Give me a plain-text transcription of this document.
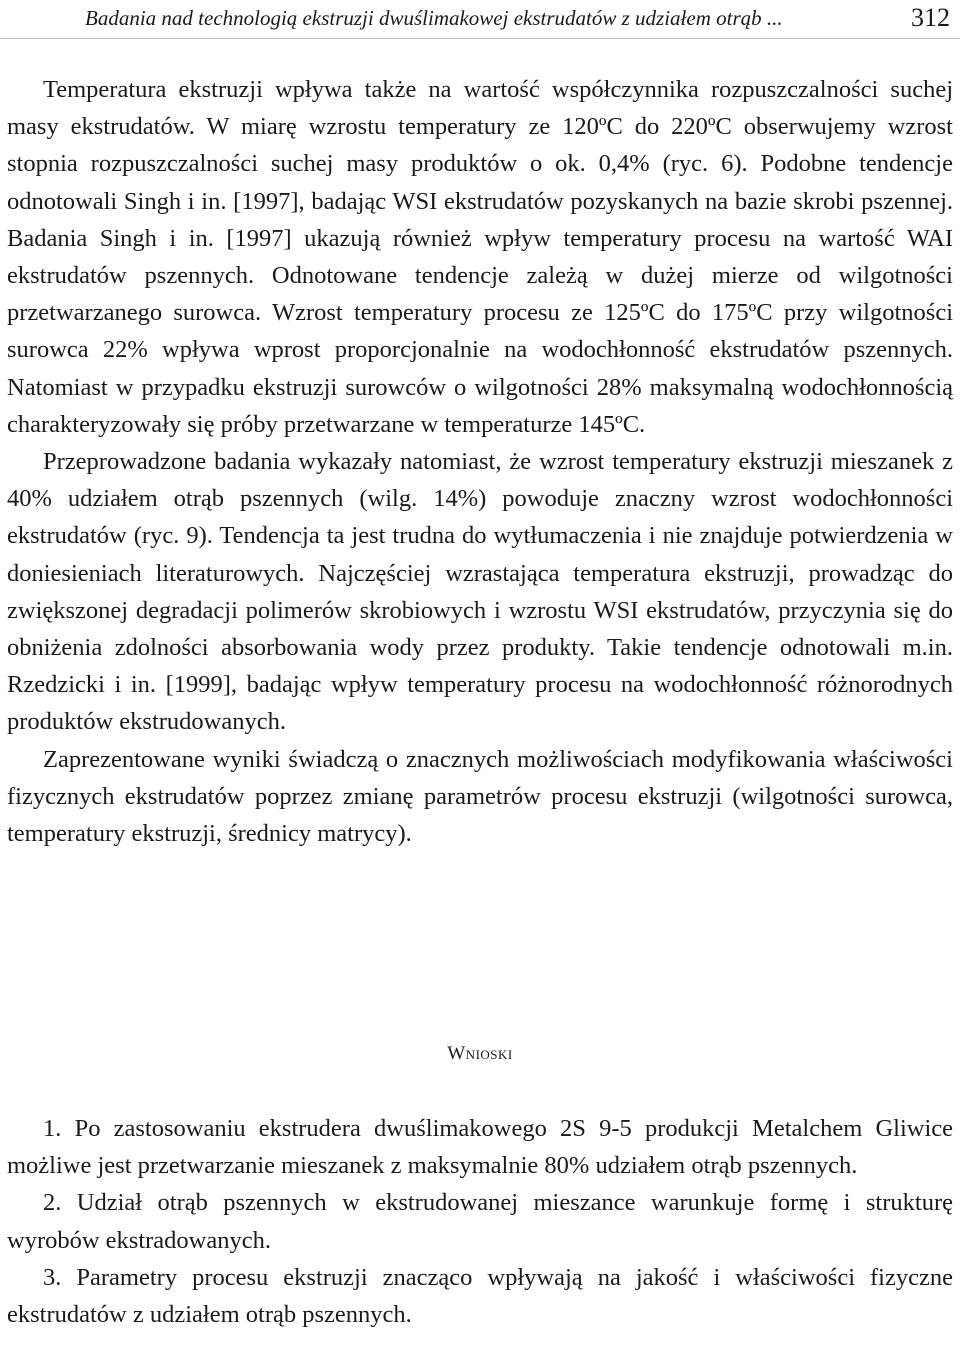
Badania nad technologią ekstruzji dwuślimakowej ekstrudatów z udziałem otrąb ...	312

Temperatura ekstruzji wpływa także na wartość współczynnika rozpuszczalności suchej masy ekstrudatów. W miarę wzrostu temperatury ze 120ºC do 220ºC obserwujemy wzrost stopnia rozpuszczalności suchej masy produktów o ok. 0,4% (ryc. 6). Podobne tendencje odnotowali Singh i in. [1997], badając WSI ekstrudatów pozyskanych na bazie skrobi pszennej. Badania Singh i in. [1997] ukazują również wpływ temperatury procesu na wartość WAI ekstrudatów pszennych. Odnotowane tendencje zależą w dużej mierze od wilgotności przetwarzanego surowca. Wzrost temperatury procesu ze 125ºC do 175ºC przy wilgotności surowca 22% wpływa wprost proporcjonalnie na wodochłonność ekstrudatów pszennych. Natomiast w przypadku ekstruzji surowców o wilgotności 28% maksymalną wodochłonnością charakteryzowały się próby przetwarzane w temperaturze 145ºC.

Przeprowadzone badania wykazały natomiast, że wzrost temperatury ekstruzji mieszanek z 40% udziałem otrąb pszennych (wilg. 14%) powoduje znaczny wzrost wodochłonności ekstrudatów (ryc. 9). Tendencja ta jest trudna do wytłumaczenia i nie znajduje potwierdzenia w doniesieniach literaturowych. Najczęściej wzrastająca temperatura ekstruzji, prowadząc do zwiększonej degradacji polimerów skrobiowych i wzrostu WSI ekstrudatów, przyczynia się do obniżenia zdolności absorbowania wody przez produkty. Takie tendencje odnotowali m.in. Rzedzicki i in. [1999], badając wpływ temperatury procesu na wodochłonność różnorodnych produktów ekstrudowanych.

Zaprezentowane wyniki świadczą o znacznych możliwościach modyfikowania właściwości fizycznych ekstrudatów poprzez zmianę parametrów procesu ekstruzji (wilgotności surowca, temperatury ekstruzji, średnicy matrycy).

Wnioski

1. Po zastosowaniu ekstrudera dwuślimakowego 2S 9-5 produkcji Metalchem Gliwice możliwe jest przetwarzanie mieszanek z maksymalnie 80% udziałem otrąb pszennych.

2. Udział otrąb pszennych w ekstrudowanej mieszance warunkuje formę i strukturę wyrobów ekstradowanych.

3. Parametry procesu ekstruzji znacząco wpływają na jakość i właściwości fizyczne ekstrudatów z udziałem otrąb pszennych.
